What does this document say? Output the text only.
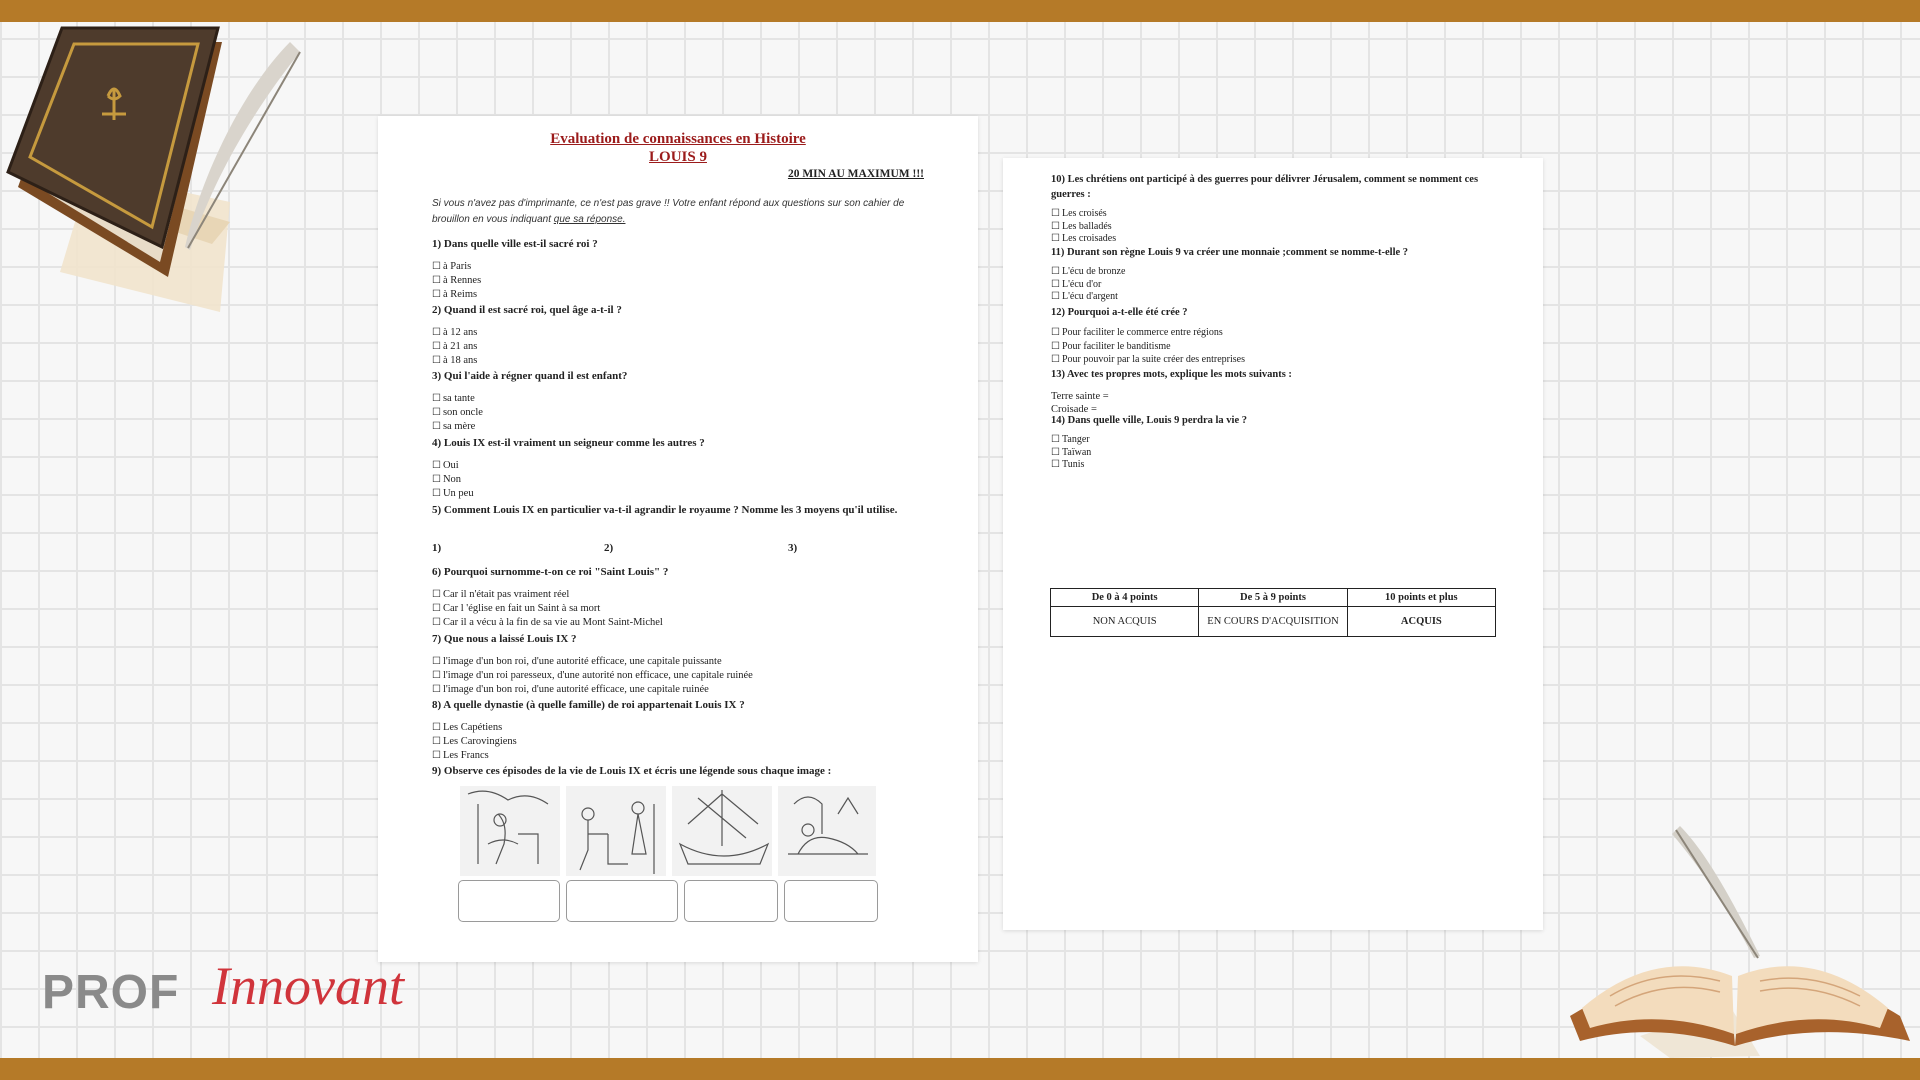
Evaluation de connaissances en Histoire
LOUIS 9
20 MIN AU MAXIMUM !!!
Si vous n'avez pas d'imprimante, ce n'est pas grave !! Votre enfant répond aux questions sur son cahier de brouillon en vous indiquant que sa réponse.
1) Dans quelle ville est-il sacré roi ?
☐ à Paris
☐ à Rennes
☐ à Reims
2) Quand il est sacré roi, quel âge a-t-il ?
☐ à 12 ans
☐ à 21 ans
☐ à 18 ans
3) Qui l'aide à régner quand il est enfant?
☐ sa tante
☐ son oncle
☐ sa mère
4) Louis IX est-il vraiment un seigneur comme les autres ?
☐ Oui
☐ Non
☐ Un peu
5) Comment Louis IX en particulier va-t-il agrandir le royaume ? Nomme les 3 moyens qu'il utilise.
1)	2)	3)
6) Pourquoi surnomme-t-on ce roi "Saint Louis" ?
☐ Car il n'était pas vraiment réel
☐ Car l 'église en fait un Saint à sa mort
☐ Car il a vécu à la fin de sa vie au Mont Saint-Michel
7) Que nous a laissé Louis IX ?
☐ l'image d'un bon roi, d'une autorité efficace, une capitale puissante
☐ l'image d'un roi paresseux, d'une autorité non efficace, une capitale ruinée
☐ l'image d'un bon roi, d'une autorité efficace, une capitale ruinée
8) A quelle dynastie (à quelle famille) de roi appartenait Louis IX ?
☐ Les Capétiens
☐ Les Carovingiens
☐ Les Francs
9) Observe ces épisodes de la vie de Louis IX et écris une légende sous chaque image :
10) Les chrétiens ont participé à des guerres pour délivrer Jérusalem, comment se nomment ces guerres :
☐ Les croisés
☐ Les balladés
☐ Les croisades
11) Durant son règne Louis 9 va créer une monnaie ;comment se nomme-t-elle ?
☐ L'écu de bronze
☐ L'écu d'or
☐ L'écu d'argent
12) Pourquoi a-t-elle été crée ?
☐ Pour faciliter le commerce entre régions
☐ Pour faciliter le banditisme
☐ Pour pouvoir par la suite créer des entreprises
13) Avec tes propres mots, explique les mots suivants :
Terre sainte =
Croisade =
14) Dans quelle ville, Louis 9 perdra la vie ?
☐ Tanger
☐ Taïwan
☐ Tunis
De 0 à 4 points	De 5 à 9 points	10 points et plus
NON ACQUIS	EN COURS D'ACQUISITION	ACQUIS
PROF Innovant
